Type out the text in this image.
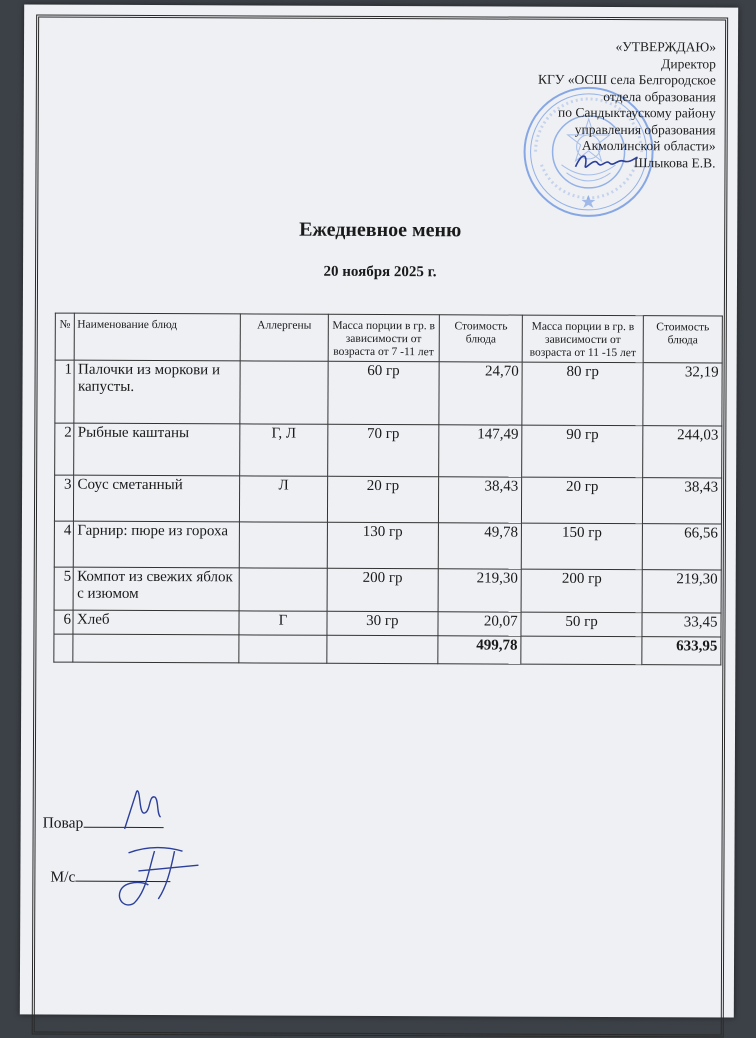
«УТВЕРЖДАЮ»
Директор
КГУ «ОСШ села Белгородское
отдела образования
по Сандыктаускому району
управления образования
Акмолинской области»
Шлыкова Е.В.
Ежедневное меню
20 ноября 2025 г.
№	Наименование блюд	Аллергены	Масса порции в гр. в зависимости от возраста от 7 -11 лет	Стоимость блюда	Масса порции в гр. в зависимости от возраста от 11 -15 лет	Стоимость блюда
1	Палочки из моркови и капусты.		60 гр	24,70	80 гр	32,19
2	Рыбные каштаны	Г, Л	70 гр	147,49	90 гр	244,03
3	Соус сметанный	Л	20 гр	38,43	20 гр	38,43
4	Гарнир: пюре из гороха		130 гр	49,78	150 гр	66,56
5	Компот из свежих яблок с изюмом		200 гр	219,30	200 гр	219,30
6	Хлеб	Г	30 гр	20,07	50 гр	33,45
				499,78		633,95
Повар
М/с
